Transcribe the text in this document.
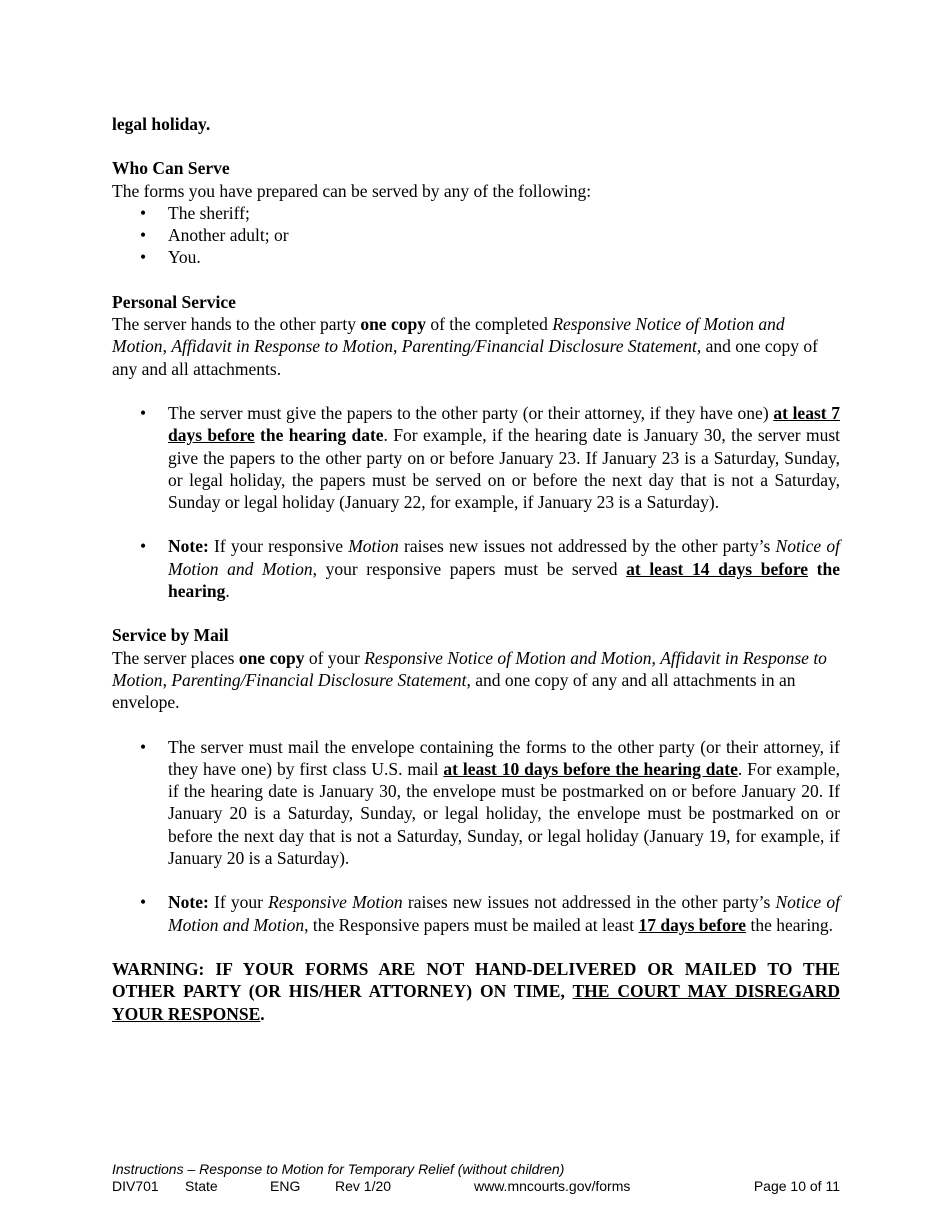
legal holiday.

Who Can Serve

The forms you have prepared can be served by any of the following:

• The sheriff;
• Another adult; or
• You.

Personal Service

The server hands to the other party one copy of the completed Responsive Notice of Motion and Motion, Affidavit in Response to Motion, Parenting/Financial Disclosure Statement, and one copy of any and all attachments.

• The server must give the papers to the other party (or their attorney, if they have one) at least 7 days before the hearing date. For example, if the hearing date is January 30, the server must give the papers to the other party on or before January 23. If January 23 is a Saturday, Sunday, or legal holiday, the papers must be served on or before the next day that is not a Saturday, Sunday or legal holiday (January 22, for example, if January 23 is a Saturday).
• Note: If your responsive Motion raises new issues not addressed by the other party’s Notice of Motion and Motion, your responsive papers must be served at least 14 days before the hearing.

Service by Mail

The server places one copy of your Responsive Notice of Motion and Motion, Affidavit in Response to Motion, Parenting/Financial Disclosure Statement, and one copy of any and all attachments in an envelope.

• The server must mail the envelope containing the forms to the other party (or their attorney, if they have one) by first class U.S. mail at least 10 days before the hearing date. For example, if the hearing date is January 30, the envelope must be postmarked on or before January 20. If January 20 is a Saturday, Sunday, or legal holiday, the envelope must be postmarked on or before the next day that is not a Saturday, Sunday, or legal holiday (January 19, for example, if January 20 is a Saturday).
• Note: If your Responsive Motion raises new issues not addressed in the other party’s Notice of Motion and Motion, the Responsive papers must be mailed at least 17 days before the hearing.

WARNING: IF YOUR FORMS ARE NOT HAND-DELIVERED OR MAILED TO THE OTHER PARTY (OR HIS/HER ATTORNEY) ON TIME, THE COURT MAY DISREGARD YOUR RESPONSE.

Instructions – Response to Motion for Temporary Relief (without children)
DIV701 State	ENG Rev 1/20	www.mncourts.gov/forms	Page 10 of 11
